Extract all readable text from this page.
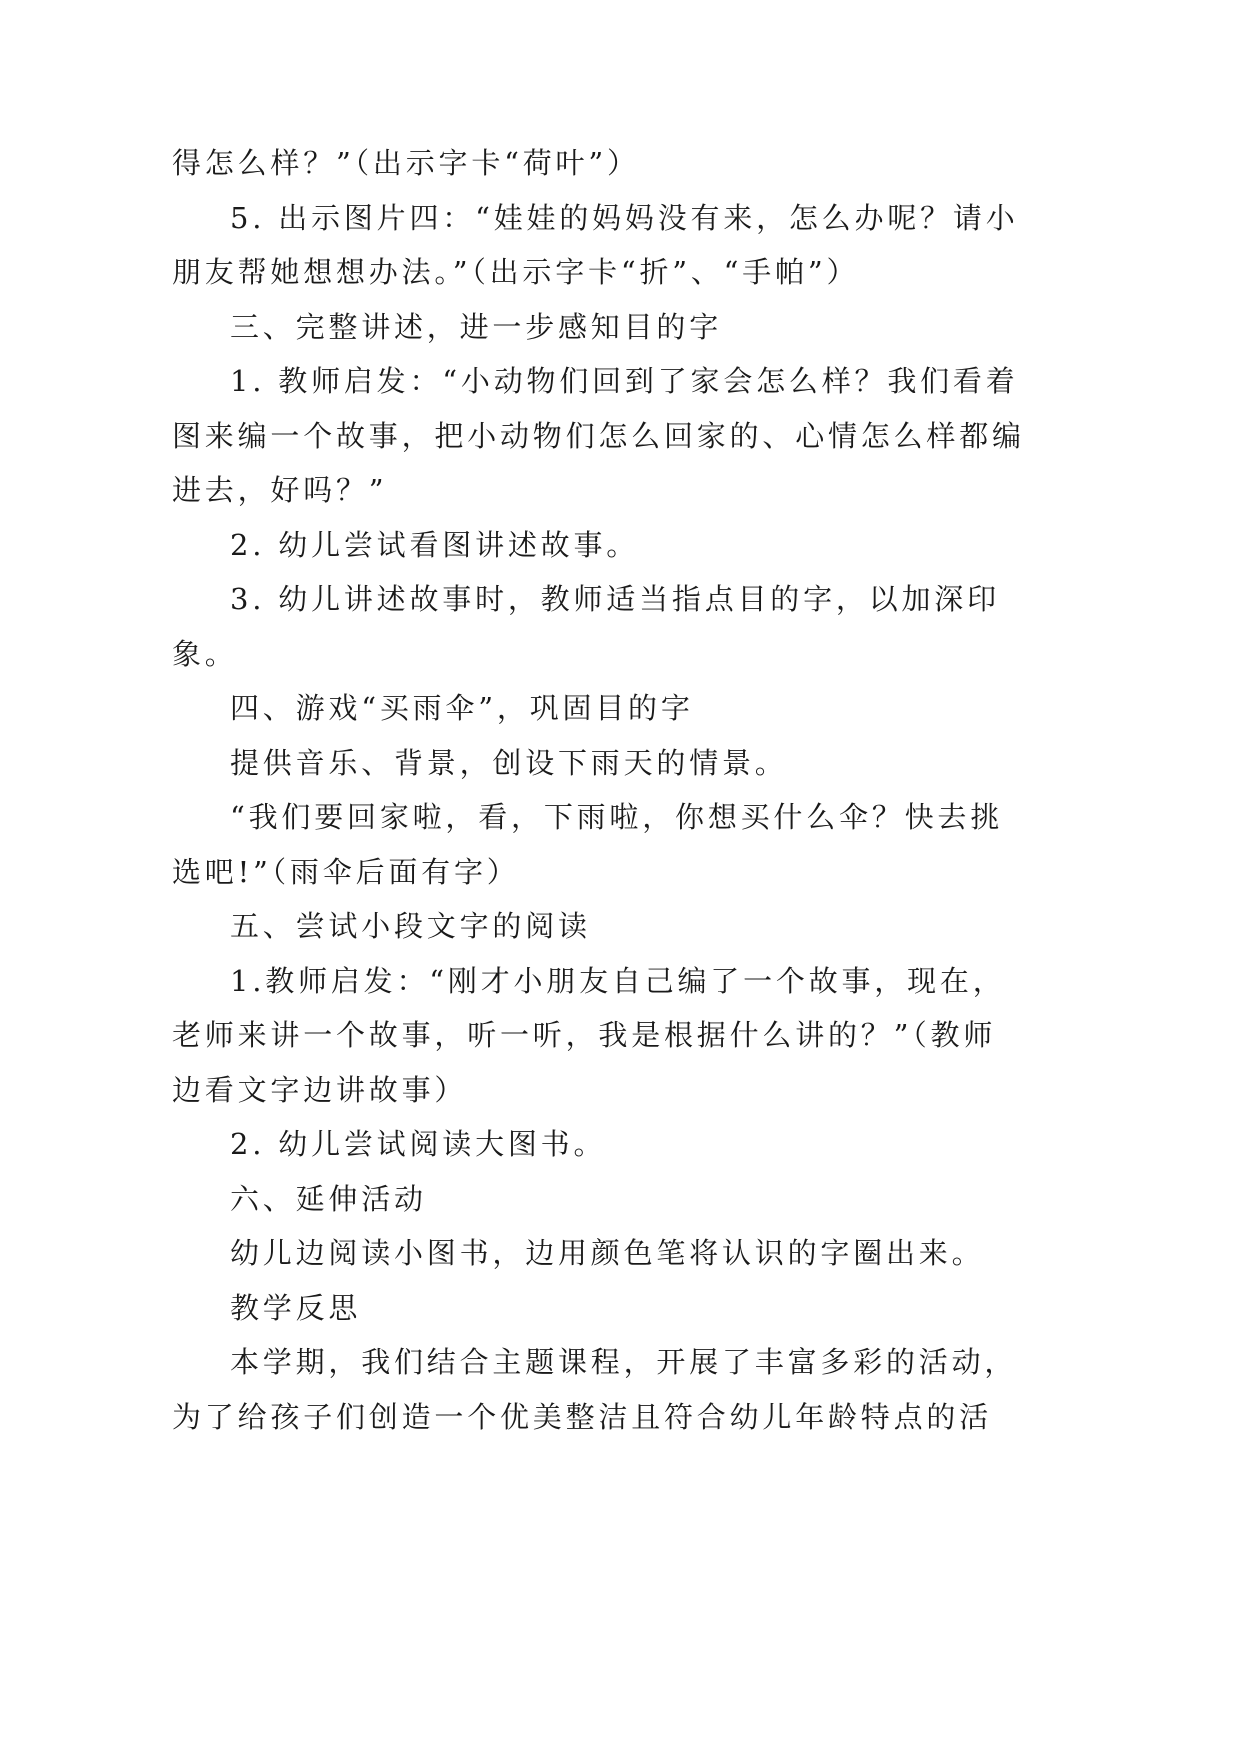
得怎么样？”（出示字卡“荷叶”）
5. 出示图片四：“娃娃的妈妈没有来，怎么办呢？请小
朋友帮她想想办法。”（出示字卡“折”、“手帕”）
三、完整讲述，进一步感知目的字
1. 教师启发：“小动物们回到了家会怎么样？我们看着
图来编一个故事，把小动物们怎么回家的、心情怎么样都编
进去，好吗？”
2. 幼儿尝试看图讲述故事。
3. 幼儿讲述故事时，教师适当指点目的字，以加深印
象。
四、游戏“买雨伞”，巩固目的字
提供音乐、背景，创设下雨天的情景。
“我们要回家啦，看，下雨啦，你想买什么伞？快去挑
选吧!”（雨伞后面有字）
五、尝试小段文字的阅读
1.教师启发：“刚才小朋友自己编了一个故事，现在，
老师来讲一个故事，听一听，我是根据什么讲的？”（教师
边看文字边讲故事）
2. 幼儿尝试阅读大图书。
六、延伸活动
幼儿边阅读小图书，边用颜色笔将认识的字圈出来。
教学反思
本学期，我们结合主题课程，开展了丰富多彩的活动，
为了给孩子们创造一个优美整洁且符合幼儿年龄特点的活
